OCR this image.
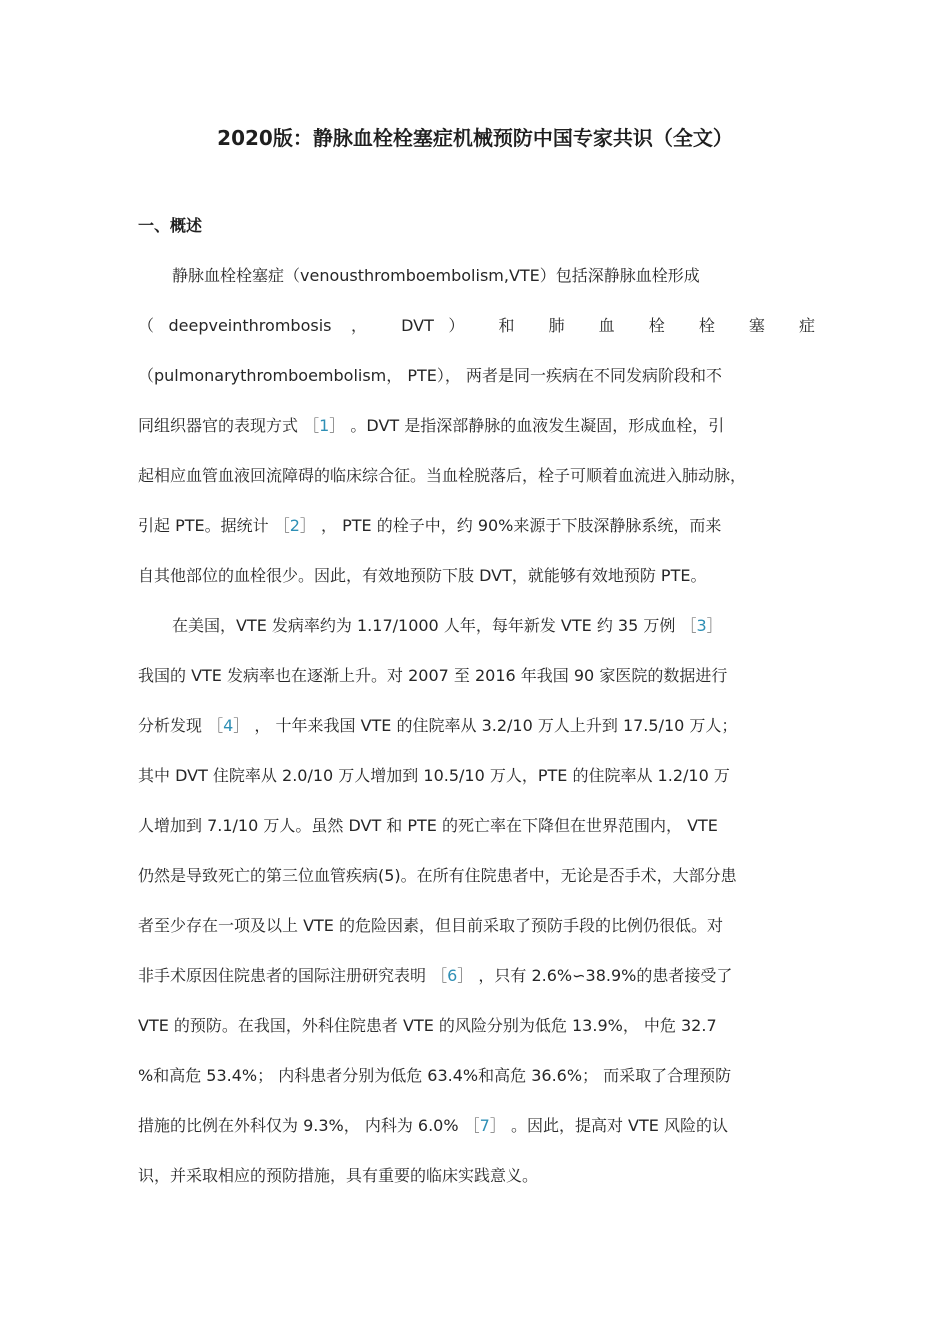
2020版：静脉血栓栓塞症机械预防中国专家共识（全文）
一、概述
静脉血栓栓塞症（venousthromboembolism,VTE）包括深静脉血栓形成
（deepveinthrombosis ， DVT） 和 肺 血 栓 栓 塞 症
（pulmonarythromboembolism， PTE）， 两者是同一疾病在不同发病阶段和不
同组织器官的表现方式 ［1］ 。DVT 是指深部静脉的血液发生凝固，形成血栓，引
起相应血管血液回流障碍的临床综合征。当血栓脱落后，栓子可顺着血流进入肺动脉，
引起 PTE。据统计 ［2］ ， PTE 的栓子中，约 90%来源于下肢深静脉系统，而来
自其他部位的血栓很少。因此，有效地预防下肢 DVT，就能够有效地预防 PTE。
在美国，VTE 发病率约为 1.17/1000 人年，每年新发 VTE 约 35 万例 ［3］
我国的 VTE 发病率也在逐渐上升。对 2007 至 2016 年我国 90 家医院的数据进行
分析发现 ［4］ ， 十年来我国 VTE 的住院率从 3.2/10 万人上升到 17.5/10 万人；
其中 DVT 住院率从 2.0/10 万人增加到 10.5/10 万人，PTE 的住院率从 1.2/10 万
人增加到 7.1/10 万人。虽然 DVT 和 PTE 的死亡率在下降但在世界范围内， VTE
仍然是导致死亡的第三位血管疾病(5)。在所有住院患者中，无论是否手术，大部分患
者至少存在一项及以上 VTE 的危险因素，但目前采取了预防手段的比例仍很低。对
非手术原因住院患者的国际注册研究表明 ［6］ ，只有 2.6%∽38.9%的患者接受了
VTE 的预防。在我国，外科住院患者 VTE 的风险分别为低危 13.9%， 中危 32.7
%和高危 53.4%； 内科患者分别为低危 63.4%和高危 36.6%； 而采取了合理预防
措施的比例在外科仅为 9.3%， 内科为 6.0% ［7］ 。因此，提高对 VTE 风险的认
识，并采取相应的预防措施，具有重要的临床实践意义。
